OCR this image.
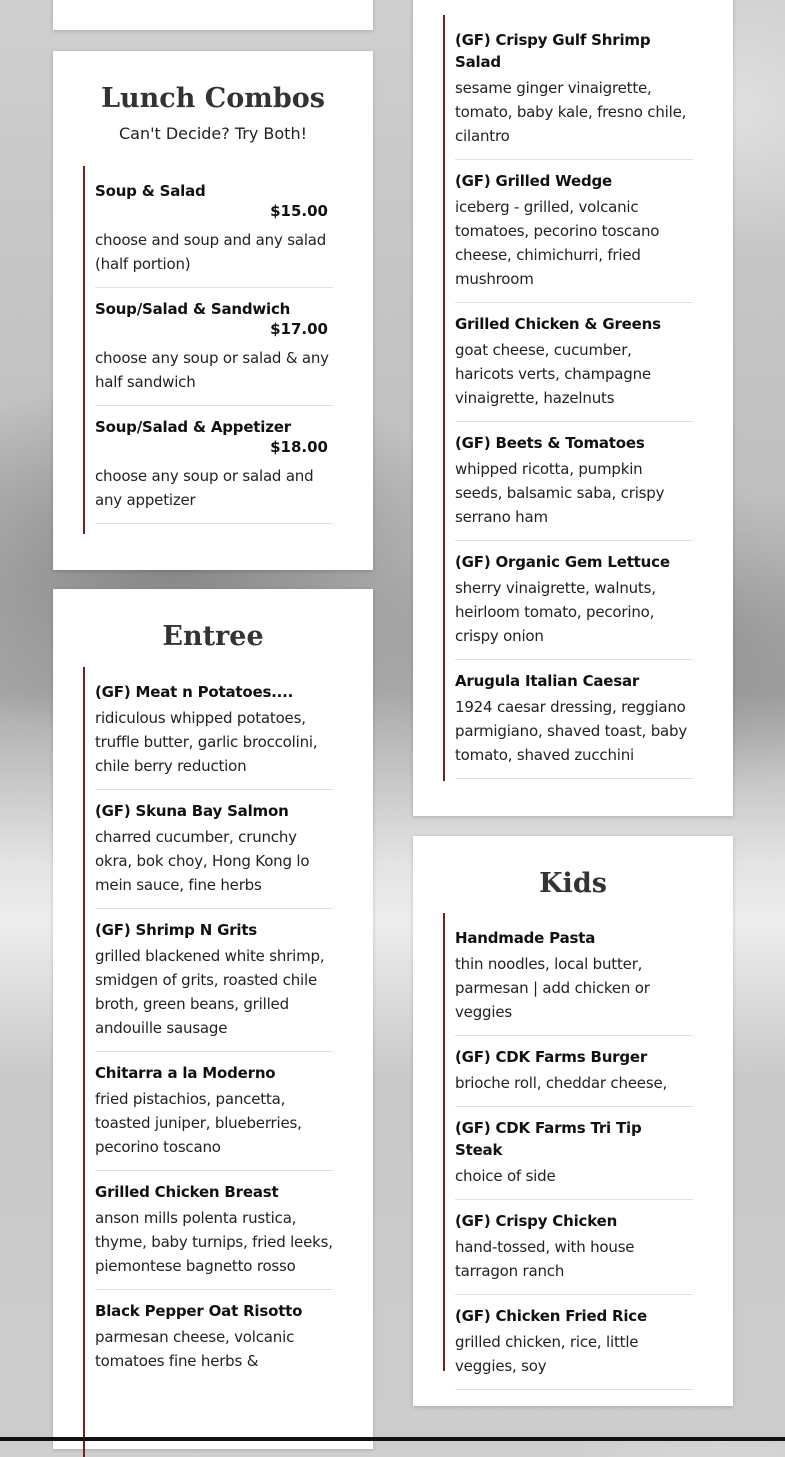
Lunch Combos
Can't Decide? Try Both!
Soup & Salad
$15.00
choose and soup and any salad (half portion)
Soup/Salad & Sandwich
$17.00
choose any soup or salad & any half sandwich
Soup/Salad & Appetizer
$18.00
choose any soup or salad and any appetizer
Entree
(GF) Meat n Potatoes....
ridiculous whipped potatoes, truffle butter, garlic broccolini, chile berry reduction
(GF) Skuna Bay Salmon
charred cucumber, crunchy okra, bok choy, Hong Kong lo mein sauce, fine herbs
(GF) Shrimp N Grits
grilled blackened white shrimp, smidgen of grits, roasted chile broth, green beans, grilled andouille sausage
Chitarra a la Moderno
fried pistachios, pancetta, toasted juniper, blueberries, pecorino toscano
Grilled Chicken Breast
anson mills polenta rustica, thyme, baby turnips, fried leeks, piemontese bagnetto rosso
Black Pepper Oat Risotto
parmesan cheese, volcanic tomatoes fine herbs &
(GF) Crispy Gulf Shrimp Salad
sesame ginger vinaigrette, tomato, baby kale, fresno chile, cilantro
(GF) Grilled Wedge
iceberg - grilled, volcanic tomatoes, pecorino toscano cheese, chimichurri, fried mushroom
Grilled Chicken & Greens
goat cheese, cucumber, haricots verts, champagne vinaigrette, hazelnuts
(GF) Beets & Tomatoes
whipped ricotta, pumpkin seeds, balsamic saba, crispy serrano ham
(GF) Organic Gem Lettuce
sherry vinaigrette, walnuts, heirloom tomato, pecorino, crispy onion
Arugula Italian Caesar
1924 caesar dressing, reggiano parmigiano, shaved toast, baby tomato, shaved zucchini
Kids
Handmade Pasta
thin noodles, local butter, parmesan | add chicken or veggies
(GF) CDK Farms Burger
brioche roll, cheddar cheese,
(GF) CDK Farms Tri Tip Steak
choice of side
(GF) Crispy Chicken
hand-tossed, with house tarragon ranch
(GF) Chicken Fried Rice
grilled chicken, rice, little veggies, soy
